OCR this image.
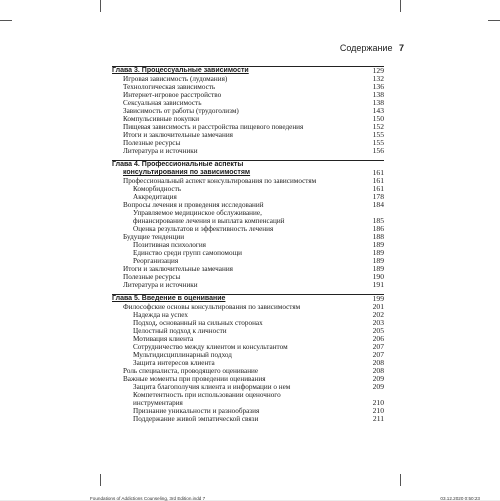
Содержание 7
Глава 3. Процессуальные зависимости	129
Игровая зависимость (лудомания)	132
Технологическая зависимость	136
Интернет-игровое расстройство	138
Сексуальная зависимость	138
Зависимость от работы (трудоголизм)	143
Компульсивные покупки	150
Пищевая зависимость и расстройства пищевого поведения	152
Итоги и заключительные замечания	155
Полезные ресурсы	155
Литература и источники	156
Глава 4. Профессиональные аспекты
консультирования по зависимостям	161
Профессиональный аспект консультирования по зависимостям	161
Коморбидность	161
Аккредитация	178
Вопросы лечения и проведения исследований	184
Управляемое медицинское обслуживание,
финансирование лечения и выплата компенсаций	185
Оценка результатов и эффективность лечения	186
Будущие тенденции	188
Позитивная психология	189
Единство среди групп самопомощи	189
Реорганизация	189
Итоги и заключительные замечания	189
Полезные ресурсы	190
Литература и источники	191
Глава 5. Введение в оценивание	199
Философские основы консультирования по зависимостям	201
Надежда на успех	202
Подход, основанный на сильных сторонах	203
Целостный подход к личности	205
Мотивация клиента	206
Сотрудничество между клиентом и консультантом	207
Мультидисциплинарный подход	207
Защита интересов клиента	208
Роль специалиста, проводящего оценивание	208
Важные моменты при проведении оценивания	209
Защита благополучия клиента и информации о нем	209
Компетентность при использовании оценочного
инструментария	210
Признание уникальности и разнообразия	210
Поддержание живой эмпатической связи	211
Foundations of Addictions Counseling, 3rd Edition.indd 7	03.12.2020 0:50:23
